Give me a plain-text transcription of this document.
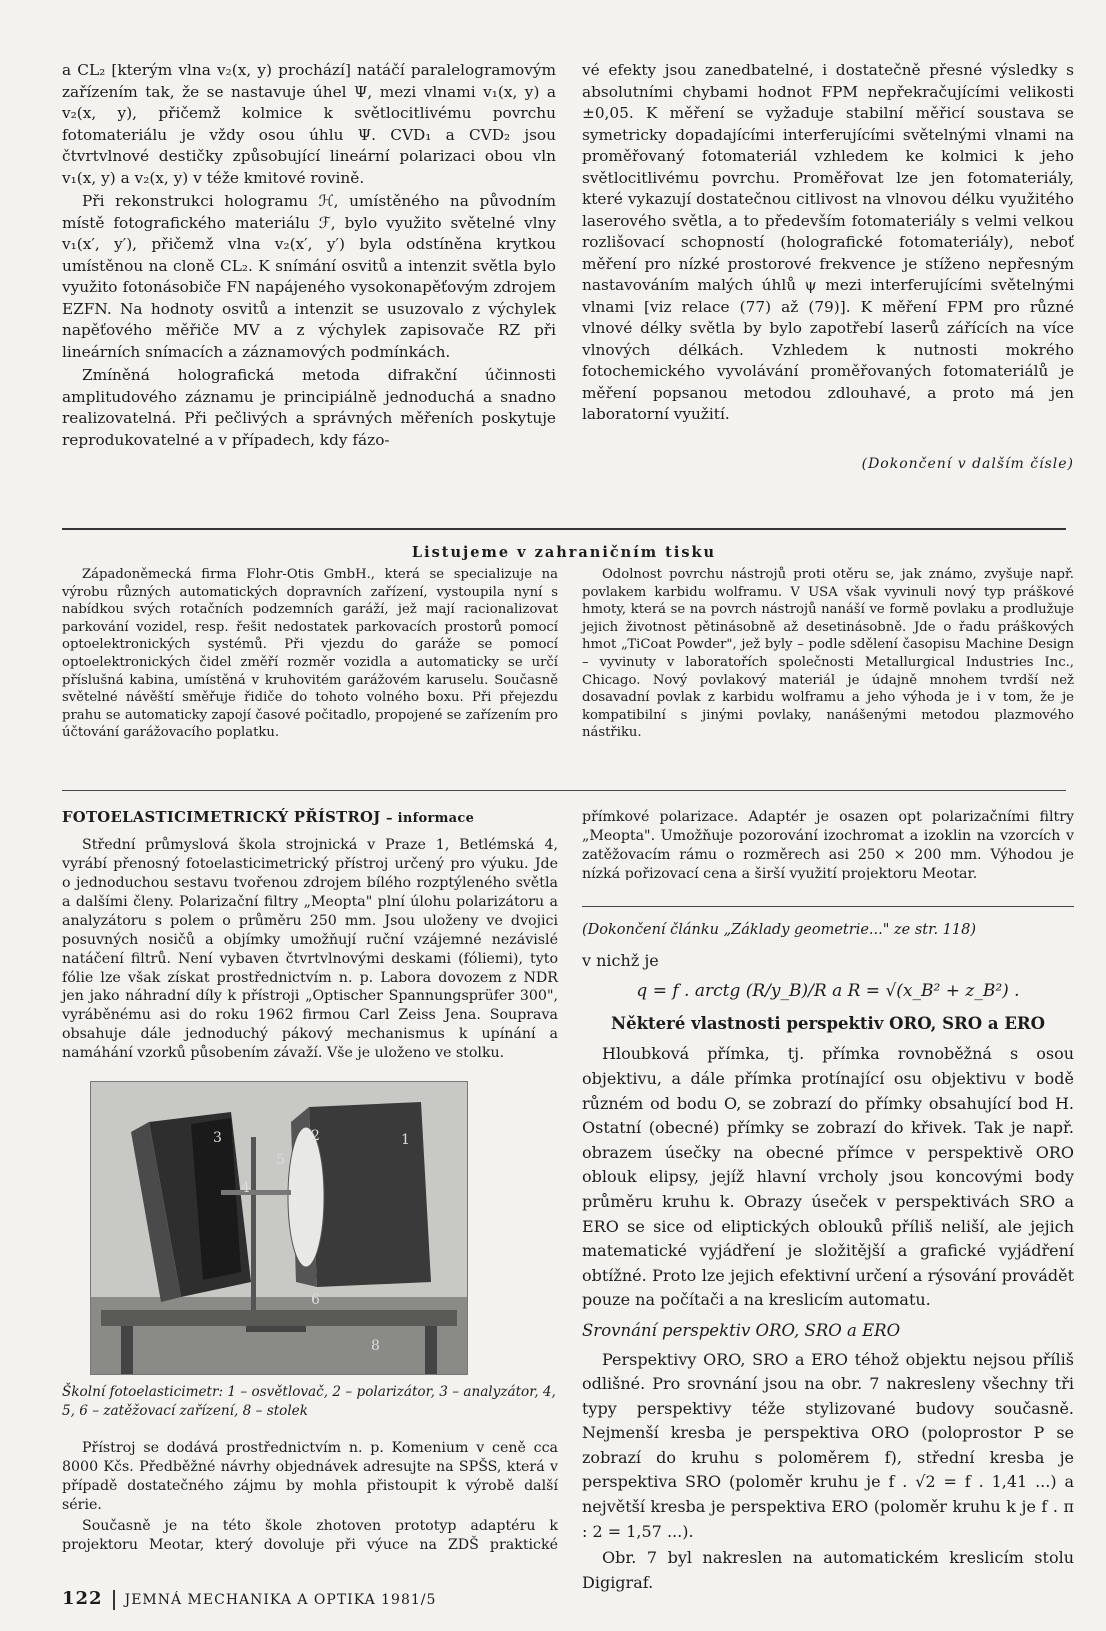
a CL₂ [kterým vlna v₂(x, y) prochází] natáčí paralelogramovým zařízením tak, že se nastavuje úhel Ψ, mezi vlnami v₁(x, y) a v₂(x, y), přičemž kolmice k světlocitlivému povrchu fotomateriálu je vždy osou úhlu Ψ. CVD₁ a CVD₂ jsou čtvrtvlnové destičky způsobující lineární polarizaci obou vln v₁(x, y) a v₂(x, y) v téže kmitové rovině.

Při rekonstrukci hologramu ℋ, umístěného na původním místě fotografického materiálu ℱ, bylo využito světelné vlny v₁(x′, y′), přičemž vlna v₂(x′, y′) byla odstíněna krytkou umístěnou na cloně CL₂. K snímání osvitů a intenzit světla bylo využito fotonásobiče FN napájeného vysokonapěťovým zdrojem EZFN. Na hodnoty osvitů a intenzit se usuzovalo z výchylek napěťového měřiče MV a z výchylek zapisovače RZ při lineárních snímacích a záznamových podmínkách.

Zmíněná holografická metoda difrakční účinnosti amplitudového záznamu je principiálně jednoduchá a snadno realizovatelná. Při pečlivých a správných měřeních poskytuje reprodukovatelné a v případech, kdy fázo-

vé efekty jsou zanedbatelné, i dostatečně přesné výsledky s absolutními chybami hodnot FPM nepřekračujícími velikosti ±0,05. K měření se vyžaduje stabilní měřicí soustava se symetricky dopadajícími interferujícími světelnými vlnami na proměřovaný fotomateriál vzhledem ke kolmici k jeho světlocitlivému povrchu. Proměřovat lze jen fotomateriály, které vykazují dostatečnou citlivost na vlnovou délku využitého laserového světla, a to především fotomateriály s velmi velkou rozlišovací schopností (holografické fotomateriály), neboť měření pro nízké prostorové frekvence je stíženo nepřesným nastavováním malých úhlů ψ mezi interferujícími světelnými vlnami [viz relace (77) až (79)]. K měření FPM pro různé vlnové délky světla by bylo zapotřebí laserů zářících na více vlnových délkách. Vzhledem k nutnosti mokrého fotochemického vyvolávání proměřovaných fotomateriálů je měření popsanou metodou zdlouhavé, a proto má jen laboratorní využití.

(Dokončení v dalším čísle)
Listujeme v zahraničním tisku

Západoněmecká firma Flohr-Otis GmbH., která se specializuje na výrobu různých automatických dopravních zařízení, vystoupila nyní s nabídkou svých rotačních podzemních garáží, jež mají racionalizovat parkování vozidel, resp. řešit nedostatek parkovacích prostorů pomocí optoelektronických systémů. Při vjezdu do garáže se pomocí optoelektronických čidel změří rozměr vozidla a automaticky se určí příslušná kabina, umístěná v kruhovitém garážovém karuselu. Současně světelné návěští směřuje řidiče do tohoto volného boxu. Při přejezdu prahu se automaticky zapojí časové počitadlo, propojené se zařízením pro účtování garážovacího poplatku.

Odolnost povrchu nástrojů proti otěru se, jak známo, zvyšuje např. povlakem karbidu wolframu. V USA však vyvinuli nový typ práškové hmoty, která se na povrch nástrojů nanáší ve formě povlaku a prodlužuje jejich životnost pětinásobně až desetinásobně. Jde o řadu práškových hmot „TiCoat Powder", jež byly – podle sdělení časopisu Machine Design – vyvinuty v laboratořích společnosti Metallurgical Industries Inc., Chicago. Nový povlakový materiál je údajně mnohem tvrdší než dosavadní povlak z karbidu wolframu a jeho výhoda je i v tom, že je kompatibilní s jinými povlaky, nanášenými metodou plazmového nástřiku.

FOTOELASTICIMETRICKÝ PŘÍSTROJ – informace

Střední průmyslová škola strojnická v Praze 1, Betlémská 4, vyrábí přenosný fotoelasticimetrický přístroj určený pro výuku. Jde o jednoduchou sestavu tvořenou zdrojem bílého rozptýleného světla a dalšími členy. Polarizační filtry „Meopta" plní úlohu polarizátoru a analyzátoru s polem o průměru 250 mm. Jsou uloženy ve dvojici posuvných nosičů a objímky umožňují ruční vzájemné nezávislé natáčení filtrů. Není vybaven čtvrtvlnovými deskami (fóliemi), tyto fólie lze však získat prostřednictvím n. p. Labora dovozem z NDR jen jako náhradní díly k přístroji „Optischer Spannungsprüfer 300", vyráběnému asi do roku 1962 firmou Carl Zeiss Jena. Souprava obsahuje dále jednoduchý pákový mechanismus k upínání a namáhání vzorků působením závaží. Vše je uloženo ve stolku.

1
2
3
4
5
6
8
Školní fotoelasticimetr: 1 – osvětlovač, 2 – polarizátor, 3 – analyzátor, 4, 5, 6 – zatěžovací zařízení, 8 – stolek

Přístroj se dodává prostřednictvím n. p. Komenium v ceně cca 8000 Kčs. Předběžné návrhy objednávek adresujte na SPŠS, která v případě dostatečného zájmu by mohla přistoupit k výrobě další série.

Současně je na této škole zhotoven prototyp adaptéru k projektoru Meotar, který dovoluje při výuce na ZDŠ praktické

přímkové polarizace. Adaptér je osazen opt polarizačními filtry „Meopta". Umožňuje pozorování izochromat a izoklin na vzorcích v zatěžovacím rámu o rozměrech asi 250 × 200 mm. Výhodou je nízká pořizovací cena a širší využití projektoru Meotar.

(Dokončení článku „Základy geometrie..." ze str. 118)
v nichž je
q = f . arctg (R/y_B)/R a R = √(x_B² + z_B²) .
Některé vlastnosti perspektiv ORO, SRO a ERO

Hloubková přímka, tj. přímka rovnoběžná s osou objektivu, a dále přímka protínající osu objektivu v bodě různém od bodu O, se zobrazí do přímky obsahující bod H. Ostatní (obecné) přímky se zobrazí do křivek. Tak je např. obrazem úsečky na obecné přímce v perspektivě ORO oblouk elipsy, jejíž hlavní vrcholy jsou koncovými body průměru kruhu k. Obrazy úseček v perspektivách SRO a ERO se sice od eliptických oblouků příliš neliší, ale jejich matematické vyjádření je složitější a grafické vyjádření obtížné. Proto lze jejich efektivní určení a rýsování provádět pouze na počítači a na kreslicím automatu.

Srovnání perspektiv ORO, SRO a ERO

Perspektivy ORO, SRO a ERO téhož objektu nejsou příliš odlišné. Pro srovnání jsou na obr. 7 nakresleny všechny tři typy perspektivy téže stylizované budovy současně. Nejmenší kresba je perspektiva ORO (poloprostor P se zobrazí do kruhu s poloměrem f), střední kresba je perspektiva SRO (poloměr kruhu je f . √2 = f . 1,41 ...) a největší kresba je perspektiva ERO (poloměr kruhu k je f . π : 2 = 1,57 ...).

Obr. 7 byl nakreslen na automatickém kreslicím stolu Digigraf.

122 JEMNÁ MECHANIKA A OPTIKA 1981/5
